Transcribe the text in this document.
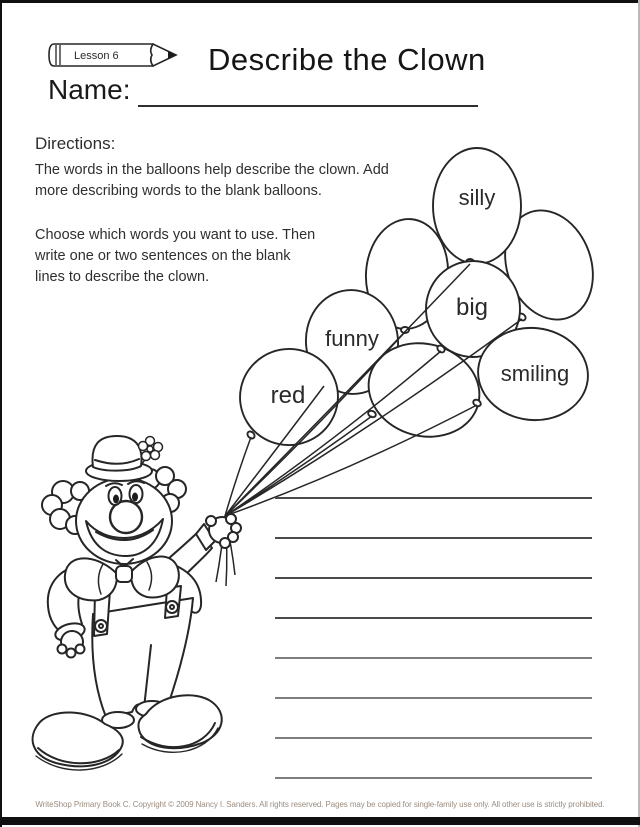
Lesson 6	Describe the Clown
Name:
Directions:
The words in the balloons help describe the clown. Add
more describing words to the blank balloons.
Choose which words you want to use. Then
write one or two sentences on the blank
lines to describe the clown.
silly
funny
red
big
smiling
WriteShop Primary Book C. Copyright © 2009 Nancy I. Sanders. All rights reserved. Pages may be copied for single-family use only. All other use is strictly prohibited.
